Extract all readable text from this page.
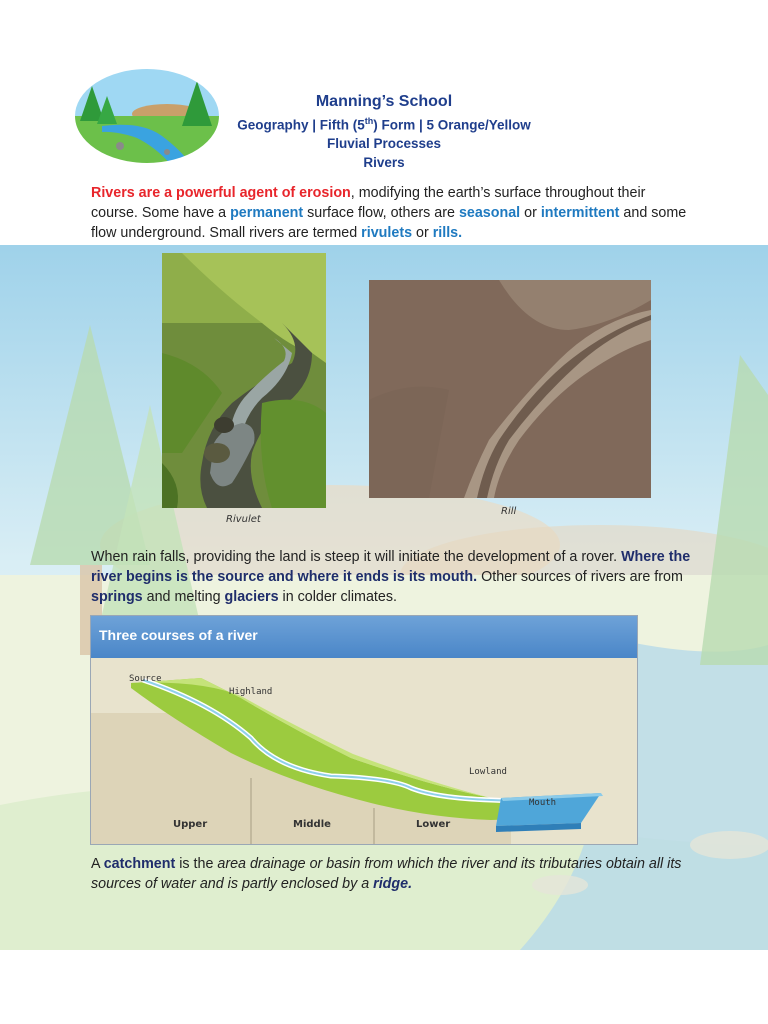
Manning’s School
Geography | Fifth (5th) Form | 5 Orange/Yellow
Fluvial Processes
Rivers
Rivers are a powerful agent of erosion, modifying the earth’s surface throughout their course. Some have a permanent surface flow, others are seasonal or intermittent and some flow underground. Small rivers are termed rivulets or rills.
Rivulet
Rill
When rain falls, providing the land is steep it will initiate the development of a rover. Where the river begins is the source and where it ends is its mouth. Other sources of rivers are from springs and melting glaciers in colder climates.
Three courses of a river
Source
Highland
Lowland
Mouth
Upper	Middle	Lower
A catchment is the area drainage or basin from which the river and its tributaries obtain all its sources of water and is partly enclosed by a ridge.
